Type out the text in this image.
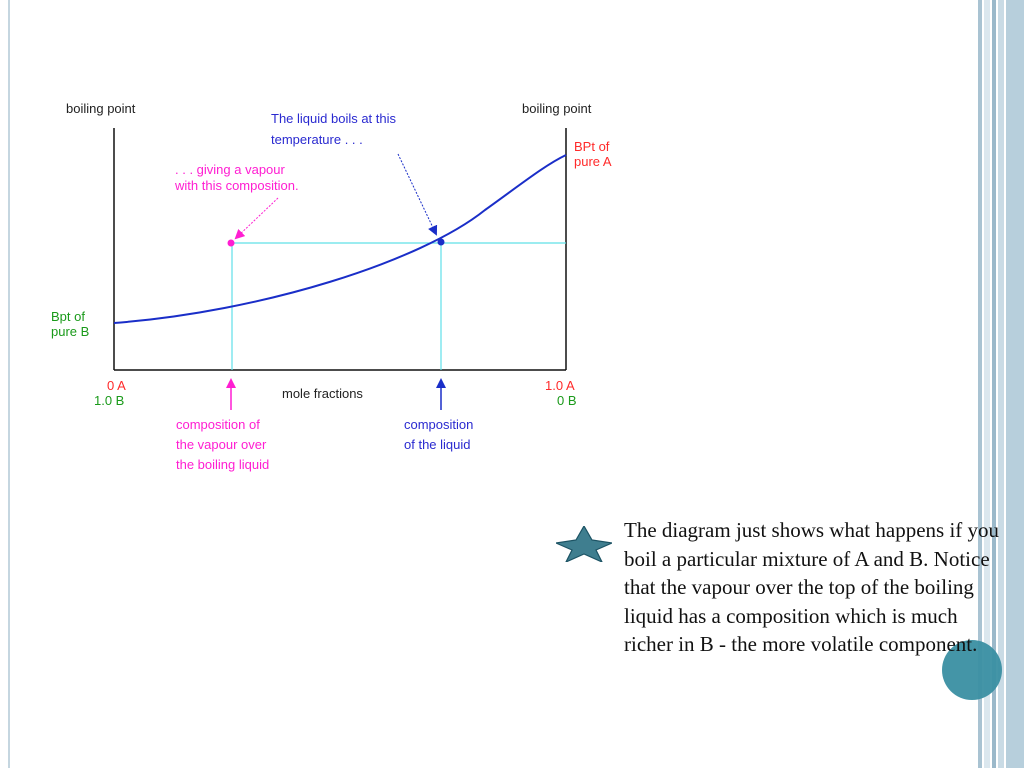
boiling point	boiling point
mole fractions
0 A
1.0 B
1.0 A
0 B
Bpt of
pure B
BPt of
pure A
The liquid boils at this
temperature . . .
. . . giving a vapour
with this composition.
composition of
the vapour over
the boiling liquid
composition
of the liquid
The diagram just shows what happens if you boil a particular mixture of A and B. Notice that the vapour over the top of the boiling liquid has a composition which is much richer in B - the more volatile component.
